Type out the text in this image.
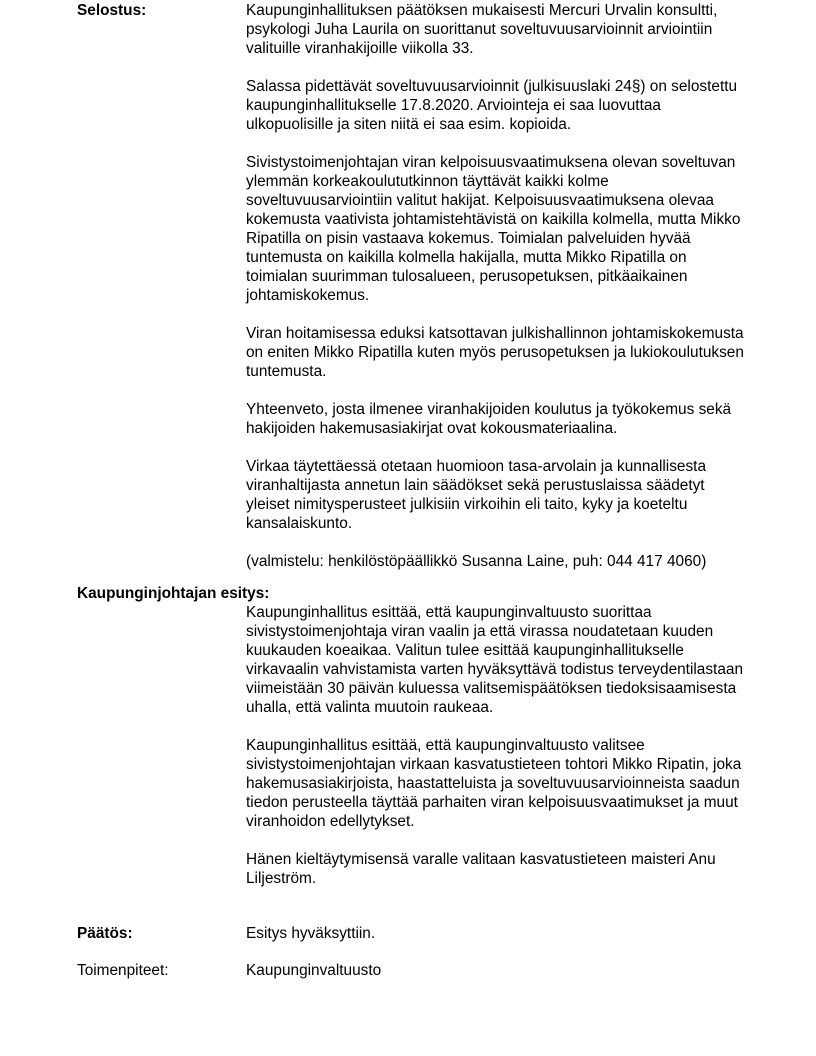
Selostus:	Kaupunginhallituksen päätöksen mukaisesti Mercuri Urvalin konsultti, psykologi Juha Laurila on suorittanut soveltuvuusarvioinnit arviointiin valituille viranhakijoille viikolla 33.

Salassa pidettävät soveltuvuusarvioinnit (julkisuuslaki 24§) on selostettu kaupunginhallitukselle 17.8.2020. Arviointeja ei saa luovuttaa ulkopuolisille ja siten niitä ei saa esim. kopioida.

Sivistystoimenjohtajan viran kelpoisuusvaatimuksena olevan soveltuvan ylemmän korkeakoulututkinnon täyttävät kaikki kolme soveltuvuusarviointiin valitut hakijat. Kelpoisuusvaatimuksena olevaa kokemusta vaativista johtamistehtävistä on kaikilla kolmella, mutta Mikko Ripatilla on pisin vastaava kokemus. Toimialan palveluiden hyvää tuntemusta on kaikilla kolmella hakijalla, mutta Mikko Ripatilla on toimialan suurimman tulosalueen, perusopetuksen, pitkäaikainen johtamiskokemus.

Viran hoitamisessa eduksi katsottavan julkishallinnon johtamiskokemusta on eniten Mikko Ripatilla kuten myös perusopetuksen ja lukiokoulutuksen tuntemusta.

Yhteenveto, josta ilmenee viranhakijoiden koulutus ja työkokemus sekä hakijoiden hakemusasiakirjat ovat kokousmateriaalina.

Virkaa täytettäessä otetaan huomioon tasa-arvolain ja kunnallisesta viranhaltijasta annetun lain säädökset sekä perustuslaissa säädetyt yleiset nimitysperusteet julkisiin virkoihin eli taito, kyky ja koeteltu kansalaiskunto.

(valmistelu: henkilöstöpäällikkö Susanna Laine, puh: 044 417 4060)

Kaupunginjohtajan esitys:

Kaupunginhallitus esittää, että kaupunginvaltuusto suorittaa sivistystoimenjohtaja viran vaalin ja että virassa noudatetaan kuuden kuukauden koeaikaa. Valitun tulee esittää kaupunginhallitukselle virkavaalin vahvistamista varten hyväksyttävä todistus terveydentilastaan viimeistään 30 päivän kuluessa valitsemispäätöksen tiedoksisaamisesta uhalla, että valinta muutoin raukeaa.

Kaupunginhallitus esittää, että kaupunginvaltuusto valitsee sivistystoimenjohtajan virkaan kasvatustieteen tohtori Mikko Ripatin, joka hakemusasiakirjoista, haastatteluista ja soveltuvuusarvioinneista saadun tiedon perusteella täyttää parhaiten viran kelpoisuusvaatimukset ja muut viranhoidon edellytykset.

Hänen kieltäytymisensä varalle valitaan kasvatustieteen maisteri Anu Liljeström.

Päätös:	Esitys hyväksyttiin.
Toimenpiteet:	Kaupunginvaltuusto
